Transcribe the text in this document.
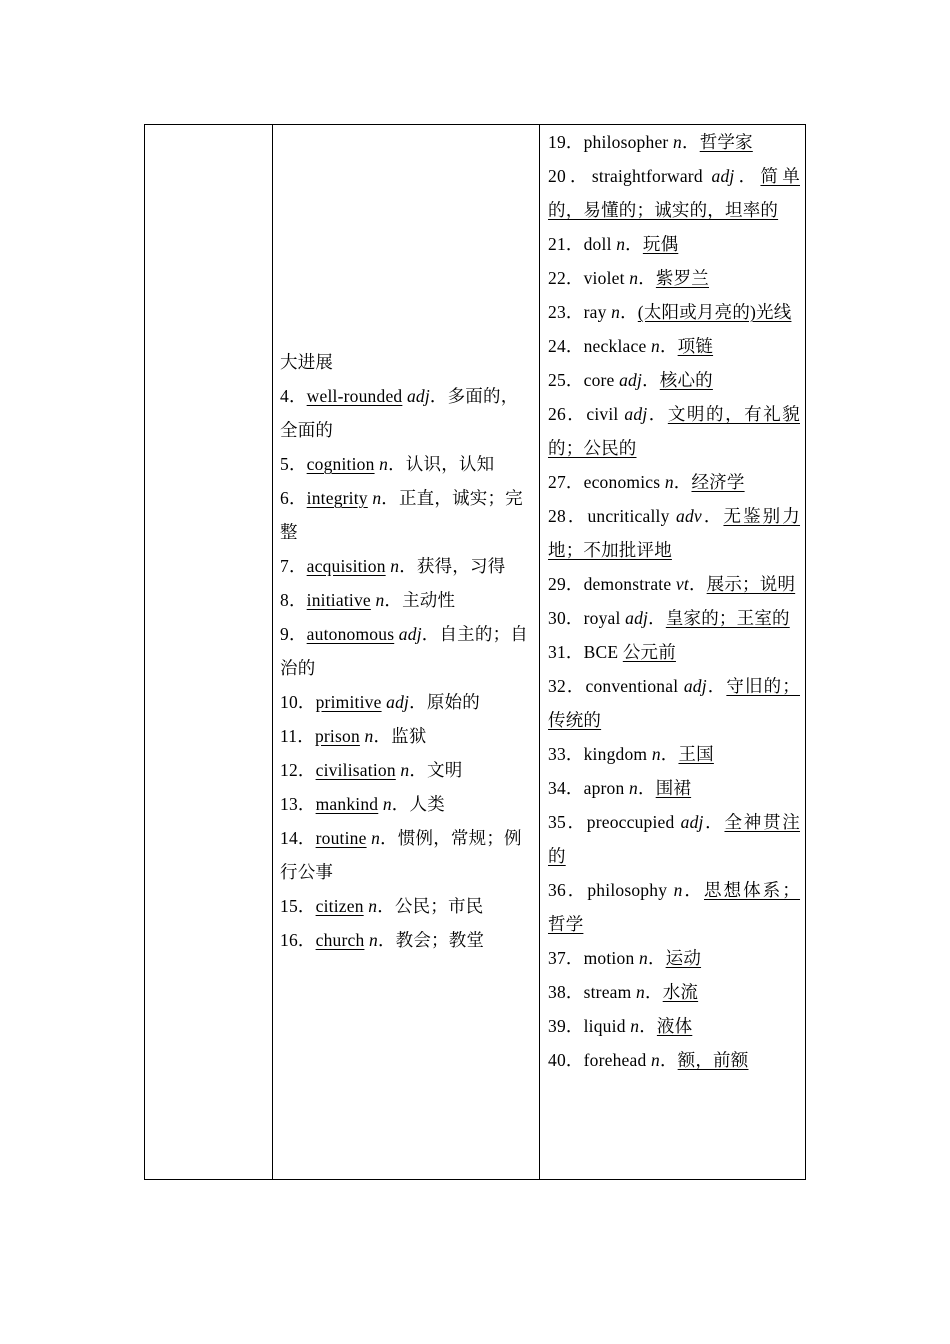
大进展
4．well-rounded adj．多面的，全面的
5．cognition n．认识，认知
6．integrity n．正直，诚实；完整
7．acquisition n．获得，习得
8．initiative n．主动性
9．autonomous adj．自主的；自治的
10．primitive adj．原始的
11．prison n．监狱
12．civilisation n．文明
13．mankind n．人类
14．routine n．惯例，常规；例行公事
15．citizen n．公民；市民
16．church n．教会；教堂
19．philosopher n．哲学家
20．straightforward adj．简单的，易懂的；诚实的，坦率的
21．doll n．玩偶
22．violet n．紫罗兰
23．ray n．(太阳或月亮的)光线
24．necklace n．项链
25．core adj．核心的
26．civil adj．文明的，有礼貌的；公民的
27．economics n．经济学
28．uncritically adv．无鉴别力地；不加批评地
29．demonstrate vt．展示；说明
30．royal adj．皇家的；王室的
31．BCE 公元前
32．conventional adj．守旧的；传统的
33．kingdom n．王国
34．apron n．围裙
35．preoccupied adj．全神贯注的
36．philosophy n．思想体系；哲学
37．motion n．运动
38．stream n．水流
39．liquid n．液体
40．forehead n．额，前额
